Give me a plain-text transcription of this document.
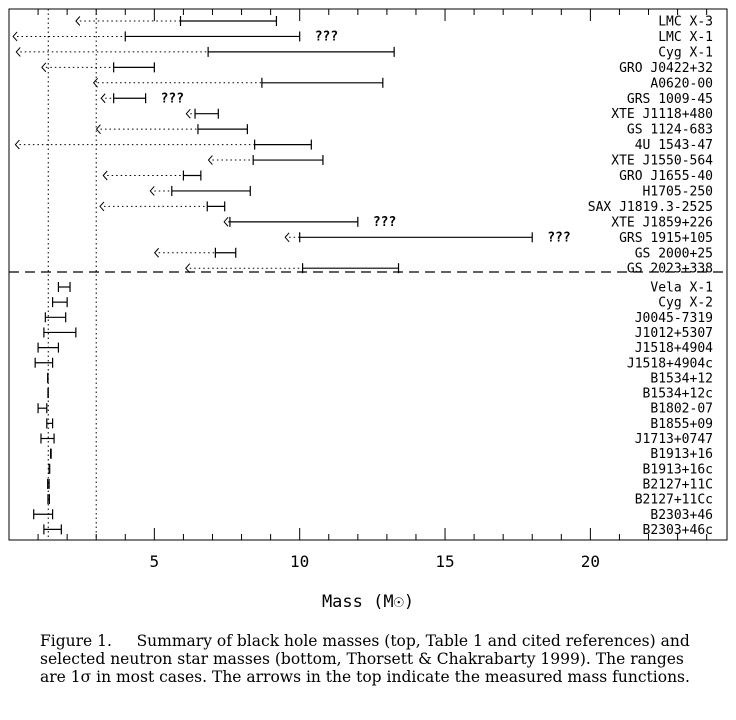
LMC X-3
???	LMC X-1
Cyg X-1
GRO J0422+32
A0620-00
???	GRS 1009-45
XTE J1118+480
GS 1124-683
4U 1543-47
XTE J1550-564
GRO J1655-40
H1705-250
SAX J1819.3-2525
???	XTE J1859+226
???	GRS 1915+105
GS 2000+25
GS 2023+338
Vela X-1
Cyg X-2
J0045-7319
J1012+5307
J1518+4904
J1518+4904c
B1534+12
B1534+12c
B1802-07
B1855+09
J1713+0747
B1913+16
B1913+16c
B2127+11C
B2127+11Cc
B2303+46
B2303+46c
5	10	15	20
Mass (M☉)

Figure 1. Summary of black hole masses (top, Table 1 and cited references) and selected neutron star masses (bottom, Thorsett & Chakrabarty 1999). The ranges are 1σ in most cases. The arrows in the top indicate the measured mass functions.
